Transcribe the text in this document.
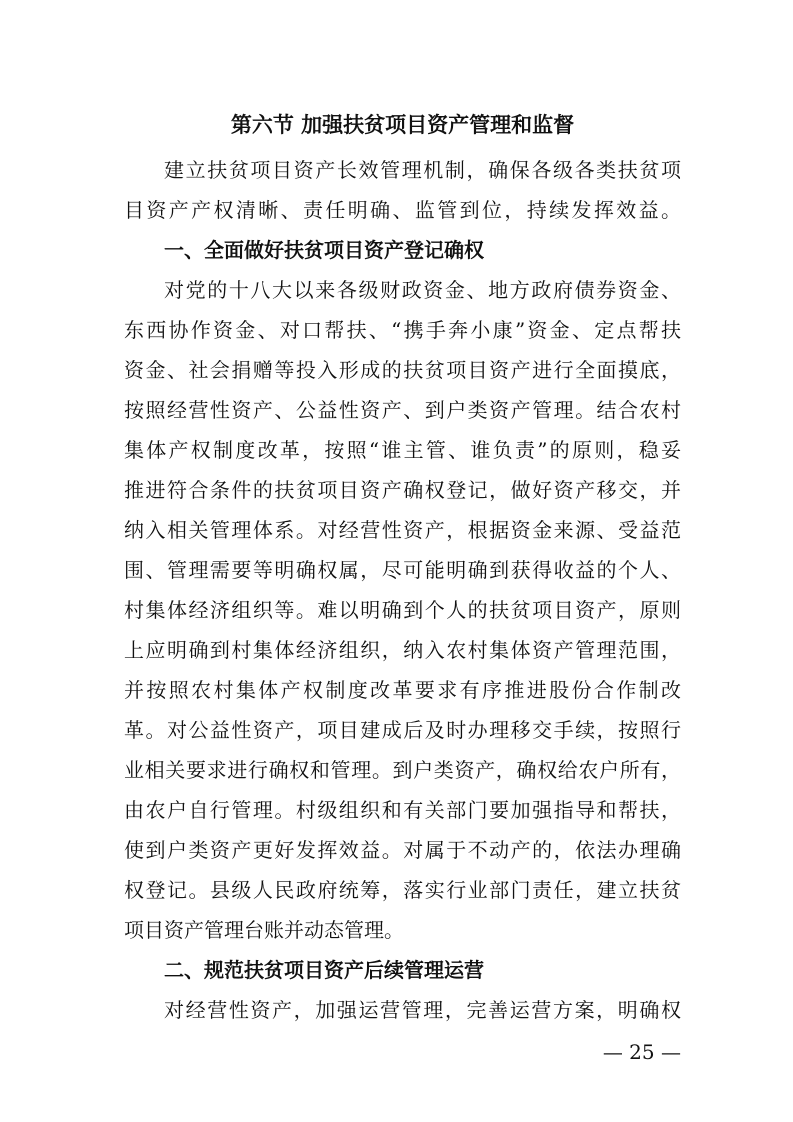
第六节 加强扶贫项目资产管理和监督
建立扶贫项目资产长效管理机制，确保各级各类扶贫项
目资产产权清晰、责任明确、监管到位，持续发挥效益。
一、全面做好扶贫项目资产登记确权
对党的十八大以来各级财政资金、地方政府债券资金、
东西协作资金、对口帮扶、“携手奔小康”资金、定点帮扶
资金、社会捐赠等投入形成的扶贫项目资产进行全面摸底，
按照经营性资产、公益性资产、到户类资产管理。结合农村
集体产权制度改革，按照“谁主管、谁负责”的原则，稳妥
推进符合条件的扶贫项目资产确权登记，做好资产移交，并
纳入相关管理体系。对经营性资产，根据资金来源、受益范
围、管理需要等明确权属，尽可能明确到获得收益的个人、
村集体经济组织等。难以明确到个人的扶贫项目资产，原则
上应明确到村集体经济组织，纳入农村集体资产管理范围，
并按照农村集体产权制度改革要求有序推进股份合作制改
革。对公益性资产，项目建成后及时办理移交手续，按照行
业相关要求进行确权和管理。到户类资产，确权给农户所有，
由农户自行管理。村级组织和有关部门要加强指导和帮扶，
使到户类资产更好发挥效益。对属于不动产的，依法办理确
权登记。县级人民政府统筹，落实行业部门责任，建立扶贫
项目资产管理台账并动态管理。
二、规范扶贫项目资产后续管理运营
对经营性资产，加强运营管理，完善运营方案，明确权
— 25 —
